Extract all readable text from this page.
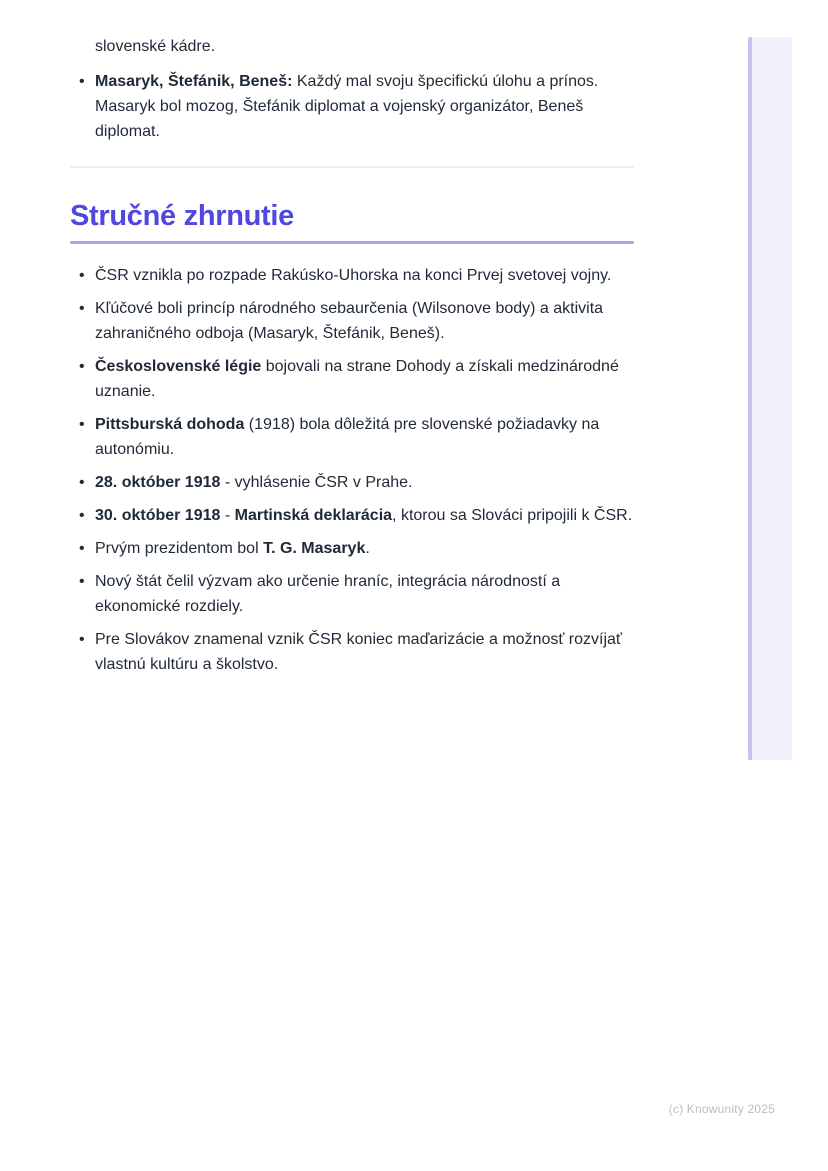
slovenské kádre.

• Masaryk, Štefánik, Beneš: Každý mal svoju špecifickú úlohu a prínos. Masaryk bol mozog, Štefánik diplomat a vojenský organizátor, Beneš diplomat.
Stručné zhrnutie
• ČSR vznikla po rozpade Rakúsko-Uhorska na konci Prvej svetovej vojny.
• Kľúčové boli princíp národného sebaurčenia (Wilsonove body) a aktivita zahraničného odboja (Masaryk, Štefánik, Beneš).
• Československé légie bojovali na strane Dohody a získali medzinárodné uznanie.
• Pittsburská dohoda (1918) bola dôležitá pre slovenské požiadavky na autonómiu.
• 28. október 1918 - vyhlásenie ČSR v Prahe.
• 30. október 1918 - Martinská deklarácia, ktorou sa Slováci pripojili k ČSR.
• Prvým prezidentom bol T. G. Masaryk.
• Nový štát čelil výzvam ako určenie hraníc, integrácia národností a ekonomické rozdiely.
• Pre Slovákov znamenal vznik ČSR koniec maďarizácie a možnosť rozvíjať vlastnú kultúru a školstvo.
(c) Knowunity 2025
